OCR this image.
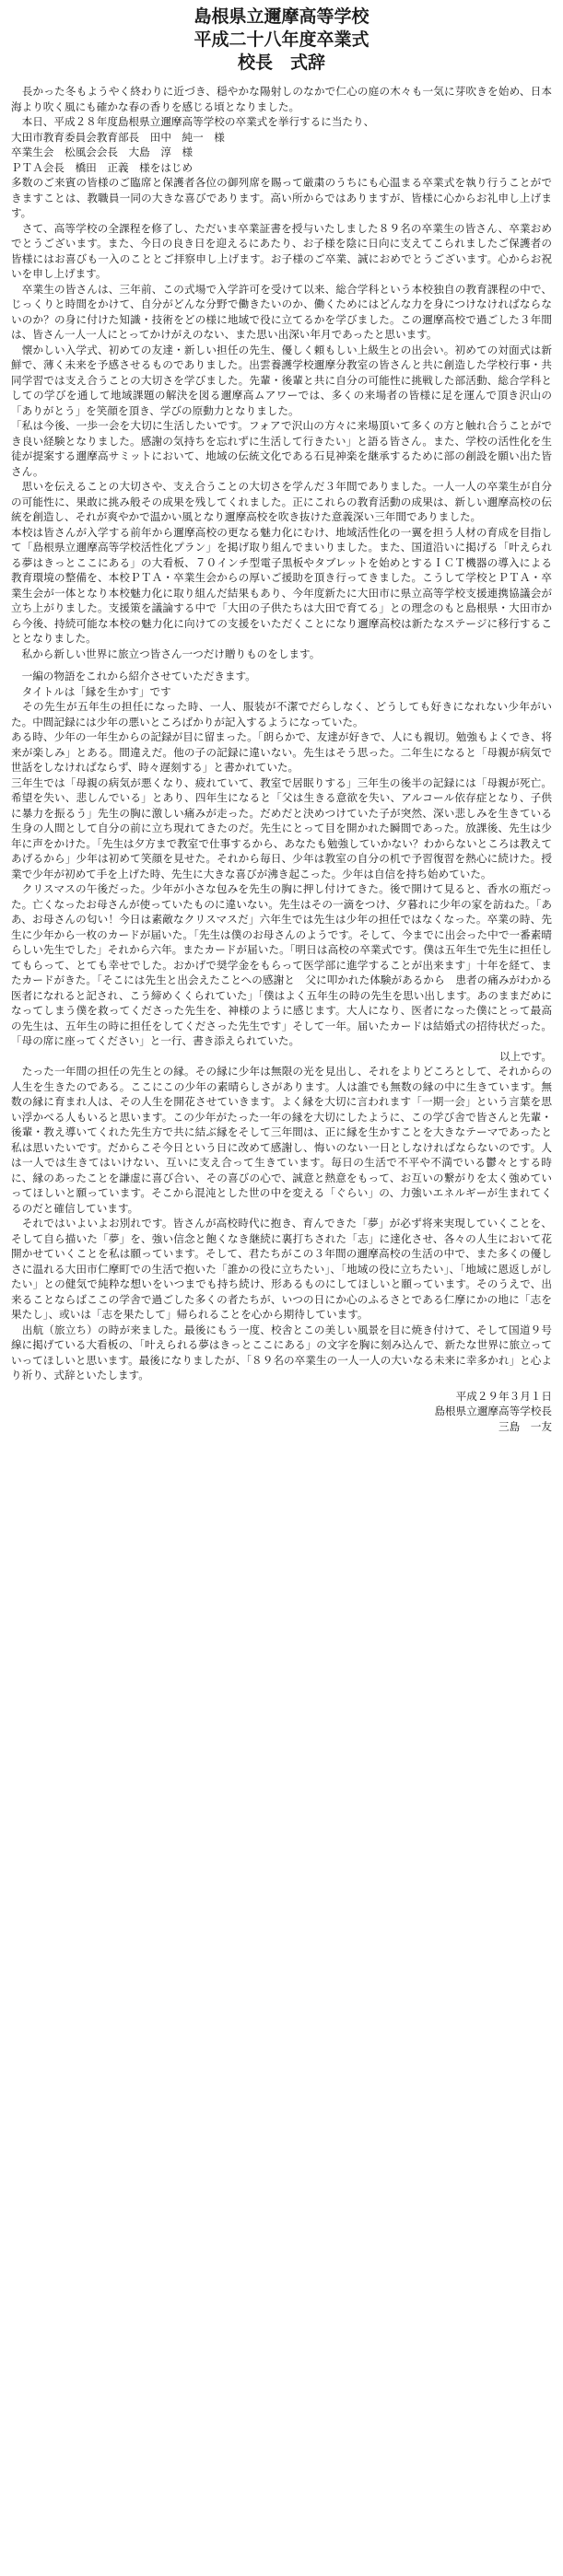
島根県立邇摩高等学校
平成二十八年度卒業式
校長　式辞

　長かった冬もようやく終わりに近づき、穏やかな陽射しのなかで仁心の庭の木々も一気に芽吹きを始め、日本海より吹く風にも確かな春の香りを感じる頃となりました。

　本日、平成２８年度島根県立邇摩高等学校の卒業式を挙行するに当たり、

大田市教育委員会教育部長　田中　純一　様

卒業生会　松風会会長　大島　淳　様

ＰＴＡ会長　橋田　正義　様をはじめ

多数のご来賓の皆様のご臨席と保護者各位の御列席を賜って厳粛のうちにも心温まる卒業式を執り行うことができますことは、教職員一同の大きな喜びであります。高い所からではありますが、皆様に心からお礼申し上げます。

　さて、高等学校の全課程を修了し、ただいま卒業証書を授与いたしました８９名の卒業生の皆さん、卒業おめでとうございます。また、今日の良き日を迎えるにあたり、お子様を陰に日向に支えてこられましたご保護者の皆様にはお喜びも一入のこととご拝察申し上げます。お子様のご卒業、誠におめでとうございます。心からお祝いを申し上げます。

　卒業生の皆さんは、三年前、この式場で入学許可を受けて以来、総合学科という本校独自の教育課程の中で、じっくりと時間をかけて、自分がどんな分野で働きたいのか、働くためにはどんな力を身につけなければならないのか？の身に付けた知識・技術をどの様に地域で役に立てるかを学びました。この邇摩高校で過ごした３年間は、皆さん一人一人にとってかけがえのない、また思い出深い年月であったと思います。

　懐かしい入学式、初めての友達・新しい担任の先生、優しく頼もしい上級生との出会い。初めての対面式は新鮮で、薄く未来を予感させるものでありました。出雲養護学校邇摩分教室の皆さんと共に創造した学校行事・共同学習では支え合うことの大切さを学びました。先輩・後輩と共に自分の可能性に挑戦した部活動、総合学科としての学びを通して地域課題の解決を図る邇摩高ムアワーでは、多くの来場者の皆様に足を運んで頂き沢山の「ありがとう」を笑顔を頂き、学びの原動力となりました。

「私は今後、一歩一会を大切に生活したいです。フォアで沢山の方々に来場頂いて多くの方と触れ合うことができ良い経験となりました。感謝の気持ちを忘れずに生活して行きたい」と語る皆さん。また、学校の活性化を生徒が提案する邇摩高サミットにおいて、地域の伝統文化である石見神楽を継承するために部の創設を願い出た皆さん。

　思いを伝えることの大切さや、支え合うことの大切さを学んだ３年間でありました。一人一人の卒業生が自分の可能性に、果敢に挑み般その成果を残してくれました。正にこれらの教育活動の成果は、新しい邇摩高校の伝統を創造し、それが爽やかで温かい風となり邇摩高校を吹き抜けた意義深い三年間でありました。

本校は皆さんが入学する前年から邇摩高校の更なる魅力化にむけ、地域活性化の一翼を担う人材の育成を目指して「島根県立邇摩高等学校活性化プラン」を掲げ取り組んでまいりました。また、国道沿いに掲げる「叶えられる夢はきっとここにある」の大看板、７０インチ型電子黒板やタブレットを始めとするＩＣＴ機器の導入による教育環境の整備を、本校ＰＴＡ・卒業生会からの厚いご援助を頂き行ってきました。こうして学校とＰＴＡ・卒業生会が一体となり本校魅力化に取り組んだ結果もあり、今年度新たに大田市に県立高等学校支援連携協議会が立ち上がりました。支援策を議論する中で「大田の子供たちは大田で育てる」との理念のもと島根県・大田市から今後、持続可能な本校の魅力化に向けての支援をいただくことになり邇摩高校は新たなステージに移行することとなりました。

　私から新しい世界に旅立つ皆さん一つだけ贈りものをします。

　一編の物語をこれから紹介させていただきます。

　タイトルは「縁を生かす」です

　その先生が五年生の担任になった時、一人、服装が不潔でだらしなく、どうしても好きになれない少年がいた。中間記録には少年の悪いところばかりが記入するようになっていた。

ある時、少年の一年生からの記録が目に留まった。「朗らかで、友達が好きで、人にも親切。勉強もよくでき、将来が楽しみ」とある。間違えだ。他の子の記録に違いない。先生はそう思った。二年生になると「母親が病気で世話をしなければならず、時々遅刻する」と書かれていた。

三年生では「母親の病気が悪くなり、疲れていて、教室で居眠りする」三年生の後半の記録には「母親が死亡。希望を失い、悲しんでいる」とあり、四年生になると「父は生きる意欲を失い、アルコール依存症となり、子供に暴力を振るう」先生の胸に激しい痛みが走った。だめだと決めつけていた子が突然、深い悲しみを生きている生身の人間として自分の前に立ち現れてきたのだ。先生にとって目を開かれた瞬間であった。放課後、先生は少年に声をかけた。「先生は夕方まで教室で仕事するから、あなたも勉強していかない？わからないところは教えてあげるから」少年は初めて笑顔を見せた。それから毎日、少年は教室の自分の机で予習復習を熱心に続けた。授業で少年が初めて手を上げた時、先生に大きな喜びが沸き起こった。少年は自信を持ち始めていた。

　クリスマスの午後だった。少年が小さな包みを先生の胸に押し付けてきた。後で開けて見ると、香水の瓶だった。亡くなったお母さんが使っていたものに違いない。先生はその一滴をつけ、夕暮れに少年の家を訪ねた。「ああ、お母さんの匂い！今日は素敵なクリスマスだ」六年生では先生は少年の担任ではなくなった。卒業の時、先生に少年から一枚のカードが届いた。「先生は僕のお母さんのようです。そして、今までに出会った中で一番素晴らしい先生でした」それから六年。またカードが届いた。「明日は高校の卒業式です。僕は五年生で先生に担任してもらって、とても幸せでした。おかげで奨学金をもらって医学部に進学することが出来ます」十年を経て、またカードがきた。「そこには先生と出会えたことへの感謝と　父に叩かれた体験があるから　患者の痛みがわかる医者になれると記され、こう締めくくられていた」「僕はよく五年生の時の先生を思い出します。あのままだめになってしまう僕を救ってくださった先生を、神様のように感じます。大人になり、医者になった僕にとって最高の先生は、五年生の時に担任をしてくださった先生です」そして一年。届いたカードは結婚式の招待状だった。「母の席に座ってください」と一行、書き添えられていた。

以上です。

　たった一年間の担任の先生との縁。その縁に少年は無限の光を見出し、それをよりどころとして、それからの人生を生きたのである。ここにこの少年の素晴らしさがあります。人は誰でも無数の縁の中に生きています。無数の縁に育まれ人は、その人生を開花させていきます。よく縁を大切に言われます「一期一会」という言葉を思い浮かべる人もいると思います。この少年がたった一年の縁を大切にしたように、この学び舎で皆さんと先輩・後輩・教え導いてくれた先生方で共に結ぶ縁をそして三年間は、正に縁を生かすことを大きなテーマであったと私は思いたいです。だからこそ今日という日に改めて感謝し、悔いのない一日としなければならないのです。人は一人では生きてはいけない、互いに支え合って生きています。毎日の生活で不平や不満でいる鬱々とする時に、縁のあったことを謙虚に喜び合い、その喜びの心で、誠意と熱意をもって、お互いの繋がりを太く強めていってほしいと願っています。そこから混沌とした世の中を変える「ぐらい」の、力強いエネルギーが生まれてくるのだと確信しています。

　それではいよいよお別れです。皆さんが高校時代に抱き、育んできた「夢」が必ず将来実現していくことを、そして自ら描いた「夢」を、強い信念と飽くなき継続に裏打ちされた「志」に達化させ、各々の人生において花開かせていくことを私は願っています。そして、君たちがこの３年間の邇摩高校の生活の中で、また多くの優しさに温れる大田市仁摩町での生活で抱いた「誰かの役に立ちたい」、「地域の役に立ちたい」、「地域に恩返しがしたい」との健気で純粋な想いをいつまでも持ち続け、形あるものにしてほしいと願っています。そのうえで、出来ることならばここの学舎で過ごした多くの者たちが、いつの日にか心のふるさとである仁摩にかの地に「志を果たし」、或いは「志を果たして」帰られることを心から期待しています。

　出航（旅立ち）の時が来ました。最後にもう一度、校舎とこの美しい風景を目に焼き付けて、そして国道９号線に掲げている大看板の、「叶えられる夢はきっとここにある」の文字を胸に刻み込んで、新たな世界に旅立っていってほしいと思います。最後になりましたが、「８９名の卒業生の一人一人の大いなる未来に幸多かれ」と心より祈り、式辞といたします。

平成２９年３月１日
島根県立邇摩高等学校長
三島　一友
